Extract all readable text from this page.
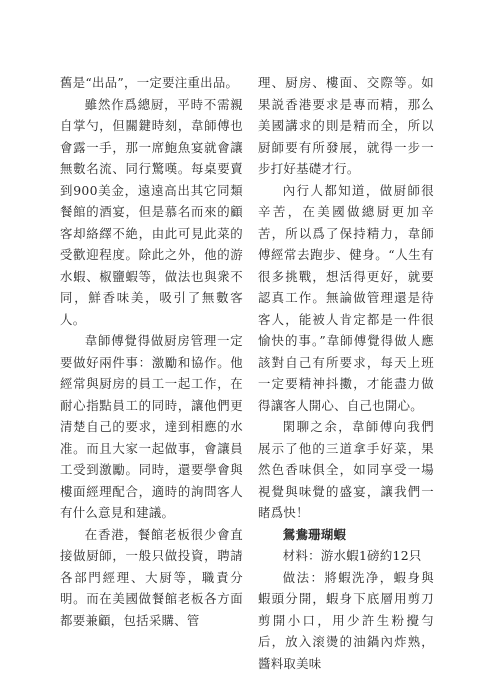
舊是“出品”，一定要注重出品。

雖然作爲總厨，平時不需親自掌勺，但關鍵時刻，韋師傅也會露一手，那一席鮑魚宴就會讓無數名流、同行驚嘆。每桌要賣到900美金，遠遠高出其它同類餐館的酒宴，但是慕名而來的顧客却絡繹不絶，由此可見此菜的受歡迎程度。除此之外，他的游水蝦、椒鹽蝦等，做法也與衆不同，鮮香味美，吸引了無數客人。

韋師傅覺得做厨房管理一定要做好兩件事：激勵和協作。他經常與厨房的員工一起工作，在耐心指點員工的同時，讓他們更清楚自己的要求，達到相應的水准。而且大家一起做事，會讓員工受到激勵。同時，還要學會與樓面經理配合，適時的詢問客人有什么意見和建議。

在香港，餐館老板很少會直接做厨師，一般只做投資，聘請各部門經理、大厨等，職責分明。而在美國做餐館老板各方面都要兼顧，包括采購、管

理、厨房、樓面、交際等。如果説香港要求是專而精，那么美國講求的則是精而全，所以厨師要有所發展，就得一步一步打好基礎才行。

內行人都知道，做厨師很辛苦，在美國做總厨更加辛苦，所以爲了保持精力，韋師傅經常去跑步、健身。“人生有很多挑戰，想活得更好，就要認真工作。無論做管理還是待客人，能被人肯定都是一件很愉快的事。”韋師傅覺得做人應該對自己有所要求，每天上班一定要精神抖擻，才能盡力做得讓客人開心、自己也開心。

閑聊之余，韋師傅向我們展示了他的三道拿手好菜，果然色香味俱全，如同享受一場視覺與味覺的盛宴，讓我們一睹爲快！

鴛鴦珊瑚蝦

材料：游水蝦1磅約12只

做法：將蝦洗净，蝦身與蝦頭分開，蝦身下底層用剪刀剪開小口，用少許生粉攪勻后，放入滚燙的油鍋內炸熟，醬料取美味
